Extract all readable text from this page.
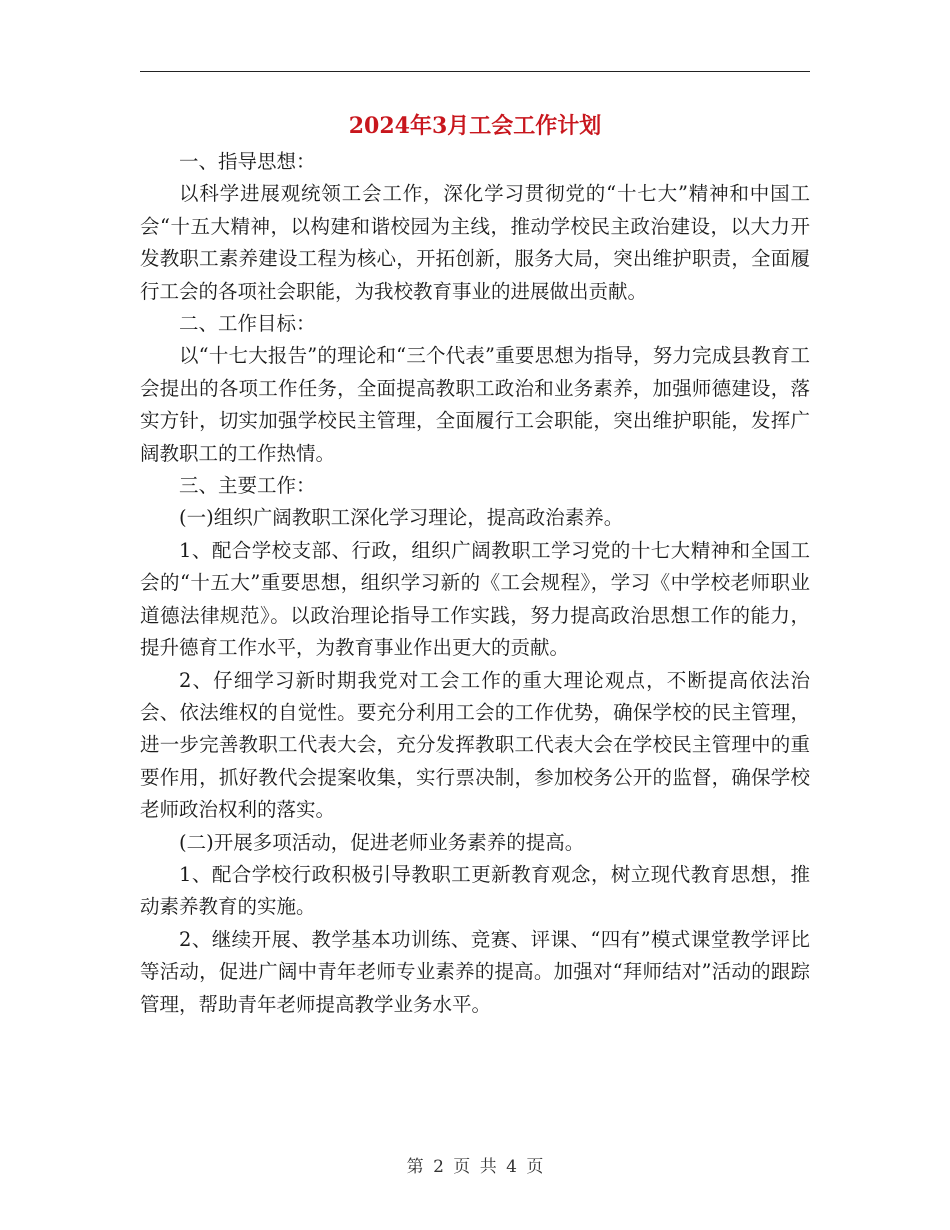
2024年3月工会工作计划

一、指导思想：

以科学进展观统领工会工作，深化学习贯彻党的“十七大”精神和中国工会“十五大精神，以构建和谐校园为主线，推动学校民主政治建设，以大力开发教职工素养建设工程为核心，开拓创新，服务大局，突出维护职责，全面履行工会的各项社会职能，为我校教育事业的进展做出贡献。

二、工作目标：

以“十七大报告”的理论和“三个代表”重要思想为指导，努力完成县教育工会提出的各项工作任务，全面提高教职工政治和业务素养，加强师德建设，落实方针，切实加强学校民主管理，全面履行工会职能，突出维护职能，发挥广阔教职工的工作热情。

三、主要工作：

(一)组织广阔教职工深化学习理论，提高政治素养。

1、配合学校支部、行政，组织广阔教职工学习党的十七大精神和全国工会的“十五大”重要思想，组织学习新的《工会规程》，学习《中学校老师职业道德法律规范》。以政治理论指导工作实践，努力提高政治思想工作的能力，提升德育工作水平，为教育事业作出更大的贡献。

2、仔细学习新时期我党对工会工作的重大理论观点，不断提高依法治会、依法维权的自觉性。要充分利用工会的工作优势，确保学校的民主管理，进一步完善教职工代表大会，充分发挥教职工代表大会在学校民主管理中的重要作用，抓好教代会提案收集，实行票决制，参加校务公开的监督，确保学校老师政治权利的落实。

(二)开展多项活动，促进老师业务素养的提高。

1、配合学校行政积极引导教职工更新教育观念，树立现代教育思想，推动素养教育的实施。

2、继续开展、教学基本功训练、竞赛、评课、“四有”模式课堂教学评比等活动，促进广阔中青年老师专业素养的提高。加强对“拜师结对”活动的跟踪管理，帮助青年老师提高教学业务水平。

第 2 页 共 4 页
